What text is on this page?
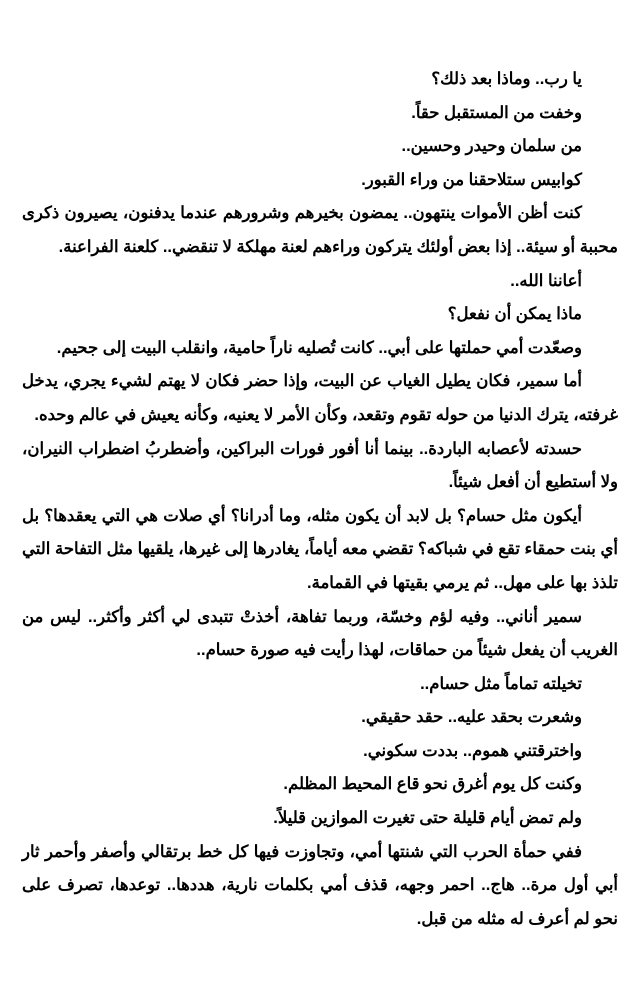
يا رب.. وماذا بعد ذلك؟

وخفت من المستقبل حقاً.

من سلمان وحيدر وحسين..

كوابيس ستلاحقنا من وراء القبور.

كنت أظن الأموات ينتهون.. يمضون بخيرهم وشرورهم عندما يدفنون، يصيرون ذكرى محببة أو سيئة.. إذا بعض أولئك يتركون وراءهم لعنة مهلكة لا تنقضي.. كلعنة الفراعنة.

أعاننا الله..

ماذا يمكن أن نفعل؟

وصعّدت أمي حملتها على أبي.. كانت تُصليه ناراً حامية، وانقلب البيت إلى جحيم.

أما سمير، فكان يطيل الغياب عن البيت، وإذا حضر فكان لا يهتم لشيء يجري، يدخل غرفته، يترك الدنيا من حوله تقوم وتقعد، وكأن الأمر لا يعنيه، وكأنه يعيش في عالم وحده.

حسدته لأعصابه الباردة.. بينما أنا أفور فورات البراكين، وأضطربُ اضطراب النيران، ولا أستطيع أن أفعل شيئاً.

أيكون مثل حسام؟ بل لابد أن يكون مثله، وما أدرانا؟ أي صلات هي التي يعقدها؟ بل أي بنت حمقاء تقع في شباكه؟ تقضي معه أياماً، يغادرها إلى غيرها، يلقيها مثل التفاحة التي تلذذ بها على مهل.. ثم يرمي بقيتها في القمامة.

سمير أناني.. وفيه لؤم وخسّة، وربما تفاهة، أخذتْ تتبدى لي أكثر وأكثر.. ليس من الغريب أن يفعل شيئاً من حماقات، لهذا رأيت فيه صورة حسام..

تخيلته تماماً مثل حسام..

وشعرت بحقد عليه.. حقد حقيقي.

واخترقتني هموم.. بددت سكوني.

وكنت كل يوم أغرق نحو قاع المحيط المظلم.

ولم تمض أيام قليلة حتى تغيرت الموازين قليلاً.

ففي حمأة الحرب التي شنتها أمي، وتجاوزت فيها كل خط برتقالي وأصفر وأحمر ثار أبي أول مرة.. هاج.. احمر وجهه، قذف أمي بكلمات نارية، هددها.. توعدها، تصرف على نحو لم أعرف له مثله من قبل.
